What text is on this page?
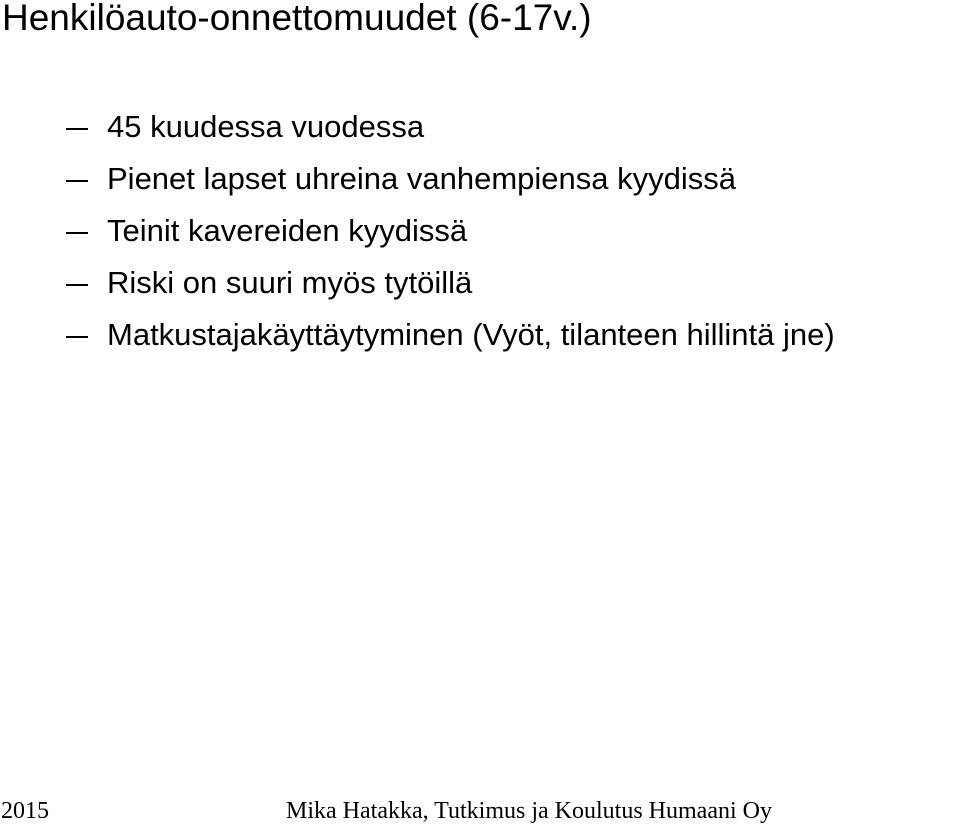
Henkilöauto-onnettomuudet (6-17v.)
45 kuudessa vuodessa
Pienet lapset uhreina vanhempiensa kyydissä
Teinit kavereiden kyydissä
Riski on suuri myös tytöillä
Matkustajakäyttäytyminen (Vyöt, tilanteen hillintä jne)
2015	Mika Hatakka, Tutkimus ja Koulutus Humaani Oy
